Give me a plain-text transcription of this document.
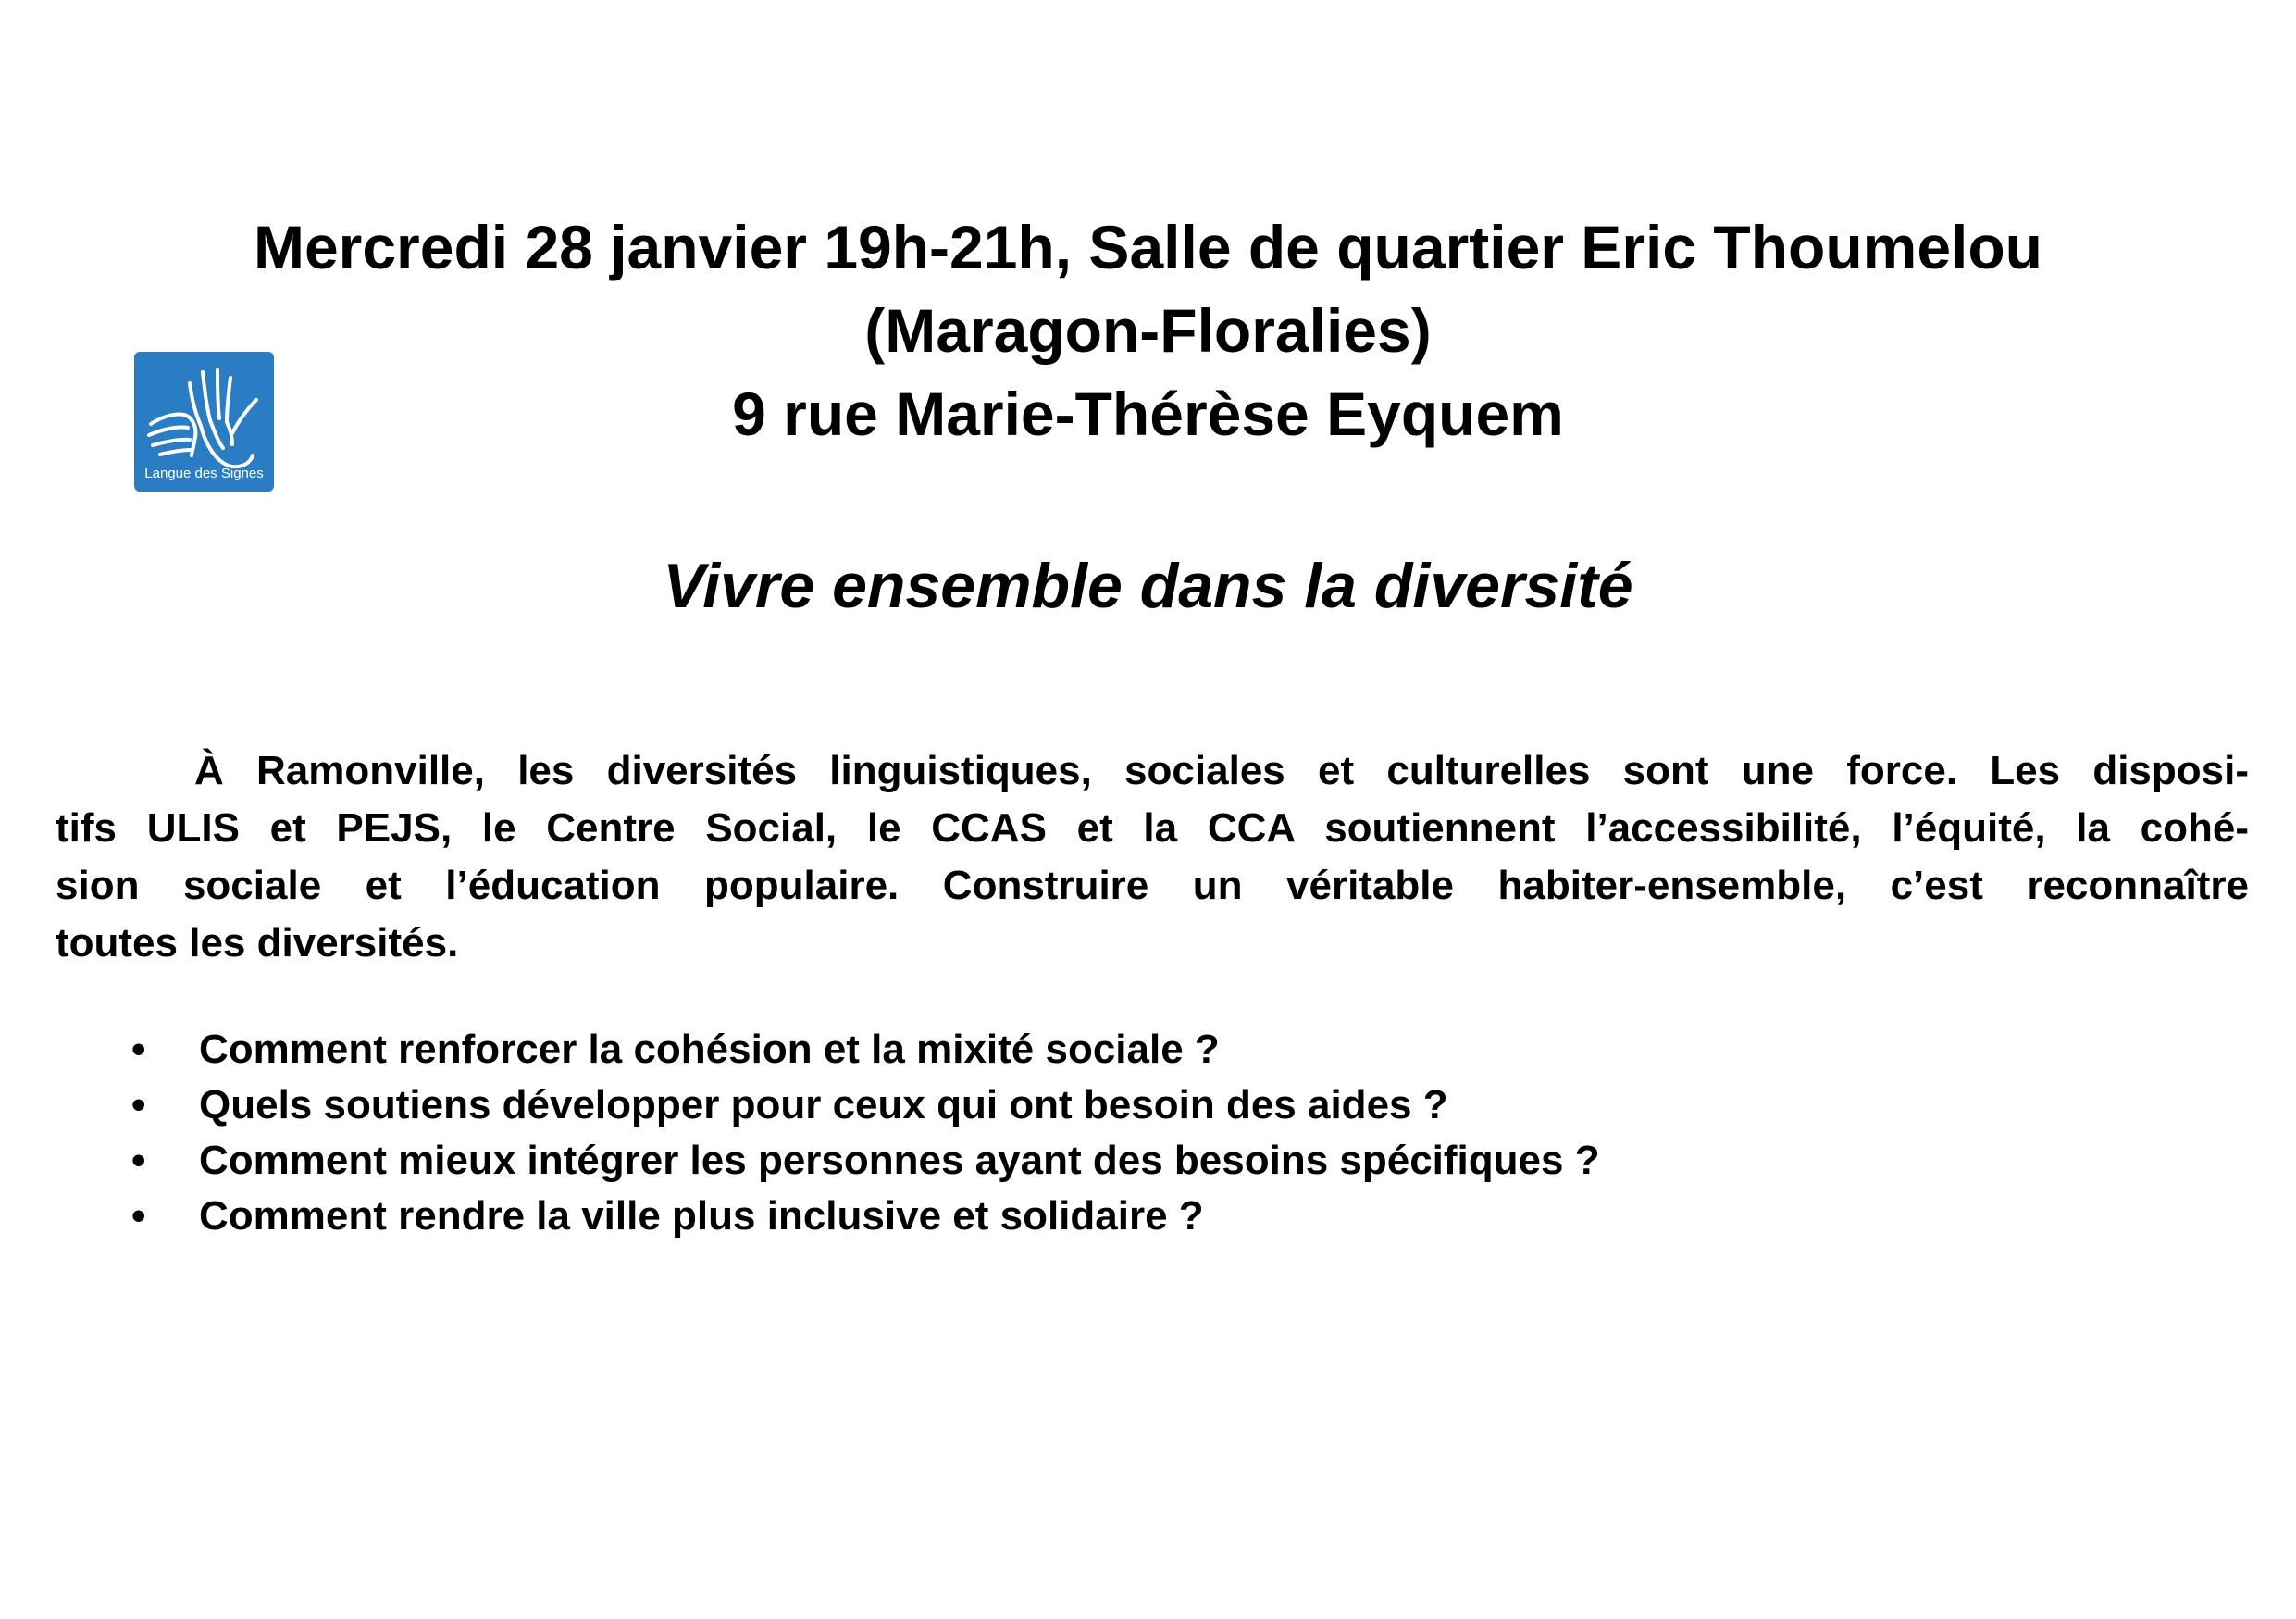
Mercredi 28 janvier 19h-21h, Salle de quartier Eric Thoumelou
(Maragon-Floralies)
9 rue Marie-Thérèse Eyquem
Langue des Signes
Vivre ensemble dans la diversité
À Ramonville, les diversités linguistiques, sociales et culturelles sont une force. Les disposi-
tifs ULIS et PEJS, le Centre Social, le CCAS et la CCA soutiennent l’accessibilité, l’équité, la cohé-
sion sociale et l’éducation populaire. Construire un véritable habiter-ensemble, c’est reconnaître
toutes les diversités.
• Comment renforcer la cohésion et la mixité sociale ?
• Quels soutiens développer pour ceux qui ont besoin des aides ?
• Comment mieux intégrer les personnes ayant des besoins spécifiques ?
• Comment rendre la ville plus inclusive et solidaire ?
